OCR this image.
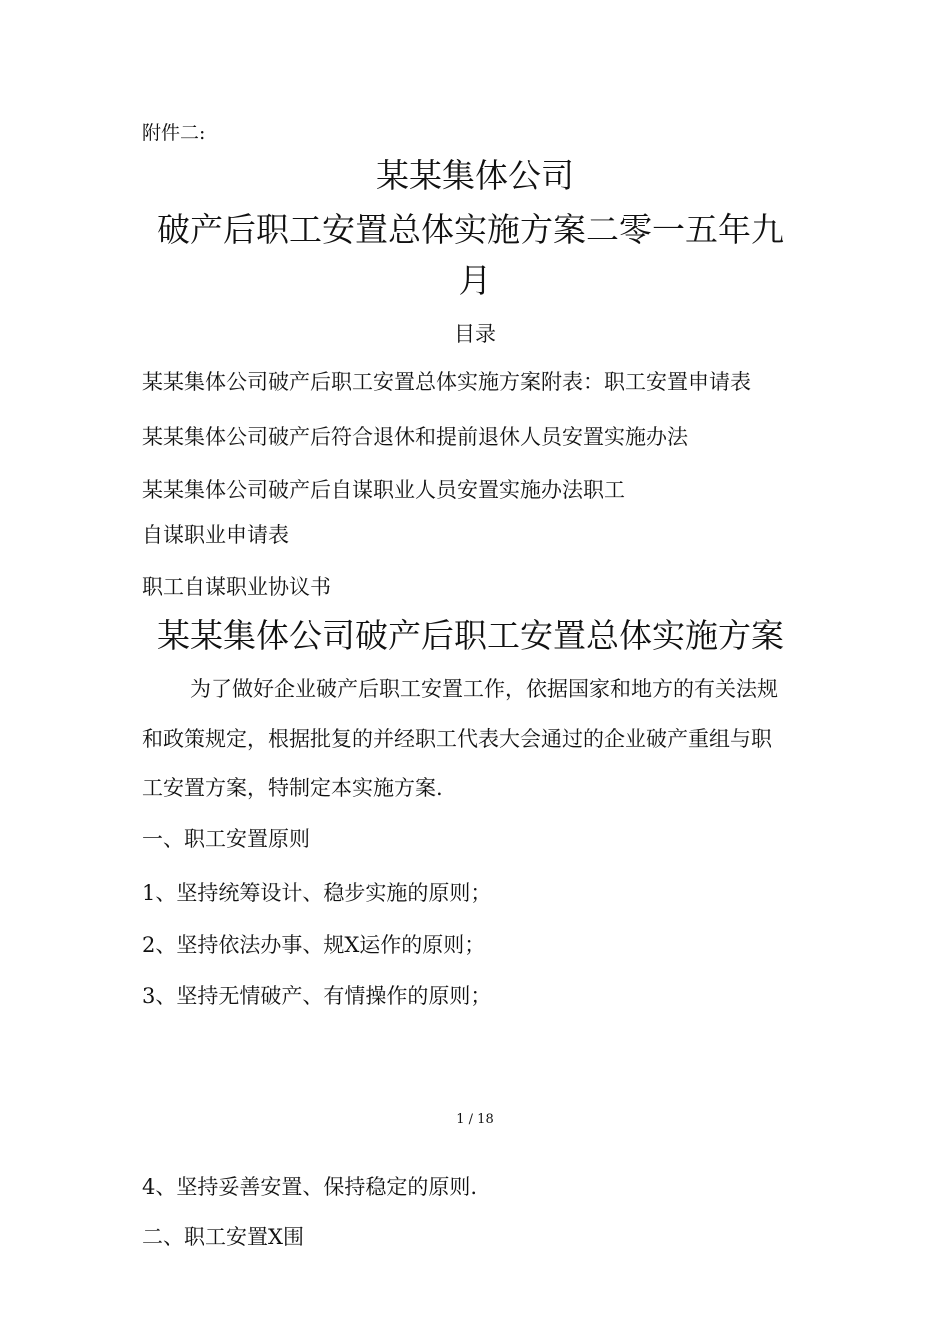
附件二:
某某集体公司
破产后职工安置总体实施方案二零一五年九
月
目录
某某集体公司破产后职工安置总体实施方案附表：职工安置申请表
某某集体公司破产后符合退休和提前退休人员安置实施办法
某某集体公司破产后自谋职业人员安置实施办法职工
自谋职业申请表
职工自谋职业协议书
某某集体公司破产后职工安置总体实施方案
为了做好企业破产后职工安置工作，依据国家和地方的有关法规
和政策规定，根据批复的并经职工代表大会通过的企业破产重组与职
工安置方案，特制定本实施方案.
一、职工安置原则
1、坚持统筹设计、稳步实施的原则；
2、坚持依法办事、规X运作的原则；
3、坚持无情破产、有情操作的原则；
1 / 18
4、坚持妥善安置、保持稳定的原则.
二、职工安置X围
